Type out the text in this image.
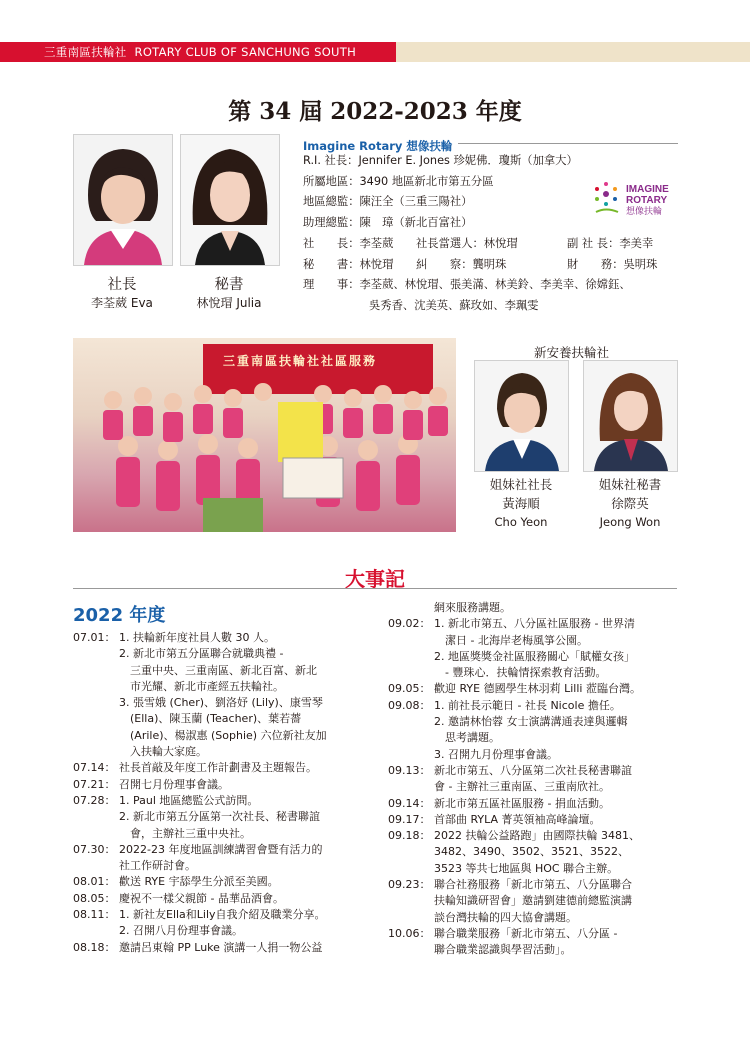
三重南區扶輪社 ROTARY CLUB OF SANCHUNG SOUTH
第 34 屆 2022-2023 年度
社長
李荃葳 Eva
秘書
林悅瑁 Julia
Imagine Rotary 想像扶輪
R.I. 社長：Jennifer E. Jones 珍妮佛．瓊斯（加拿大）
所屬地區：3490 地區新北市第五分區
地區總監：陳汪全（三重三陽社）
助理總監：陳　璋（新北百富社）
IMAGINE
ROTARY
想像扶輪
社　　長：李荃葳 社長當選人：林悅瑁	副 社 長：李美幸
秘　　書：林悅瑁 糾　　察：龔明珠	財　　務：吳明珠
理　　事：李荃葳、林悅瑁、張美滿、林美鈴、李美幸、徐嫦鈺、
吳秀香、沈美英、蘇玫如、李珮雯
三重南區扶輪社社區服務
新安養扶輪社
姐妹社社長
黃海順
Cho Yeon
姐妹社秘書
徐際英
Jeong Won
大事記
2022 年度
07.01： 1. 扶輪新年度社員人數 30 人。
2. 新北市第五分區聯合就職典禮 -
　三重中央、三重南區、新北百富、新北
　市光耀、新北市產經五扶輪社。
3. 張雪娥 (Cher)、劉洛妤 (Lily)、康雪琴
　(Ella)、陳玉蘭 (Teacher)、葉若薔
　(Arile)、楊淑惠 (Sophie) 六位新社友加
　入扶輪大家庭。
07.14： 社長首敲及年度工作計劃書及主題報告。
07.21： 召開七月份理事會議。
07.28： 1. Paul 地區總監公式訪問。
2. 新北市第五分區第一次社長、秘書聯誼
　會，主辦社三重中央社。
07.30： 2022-23 年度地區訓練講習會暨有活力的
社工作研討會。
08.01： 歡送 RYE 宇舔學生分派至美國。
08.05： 慶祝不一樣父親節 - 晶華品酒會。
08.11： 1. 新社友Ella和Lily自我介紹及職業分享。
2. 召開八月份理事會議。
08.18： 邀請呂東翰 PP Luke 演講一人捐一物公益
網來服務講題。
09.02： 1. 新北市第五、八分區社區服務 - 世界清
　潔日 - 北海岸老梅風箏公園。
2. 地區獎獎金社區服務關心「賦權女孩」
　- 豐珠心．扶輪情探索教育活動。
09.05： 歡迎 RYE 德國學生林羽莉 Lilli 蒞臨台灣。
09.08： 1. 前社長示範日 - 社長 Nicole 擔任。
2. 邀請林怡蓉 女士演講溝通表達與邏輯
　思考講題。
3. 召開九月份理事會議。
09.13： 新北市第五、八分區第二次社長秘書聯誼
會 - 主辦社三重南區、三重南欣社。
09.14： 新北市第五區社區服務 - 捐血活動。
09.17： 首部曲 RYLA 菁英領袖高峰論壇。
09.18： 2022 扶輪公益路跑」由國際扶輪 3481、
3482、3490、3502、3521、3522、
3523 等共七地區與 HOC 聯合主辦。
09.23： 聯合社務服務「新北市第五、八分區聯合
扶輪知識研習會」邀請劉建德前總監演講
談台灣扶輪的四大協會講題。
10.06： 聯合職業服務「新北市第五、八分區 -
聯合職業認識與學習活動」。
